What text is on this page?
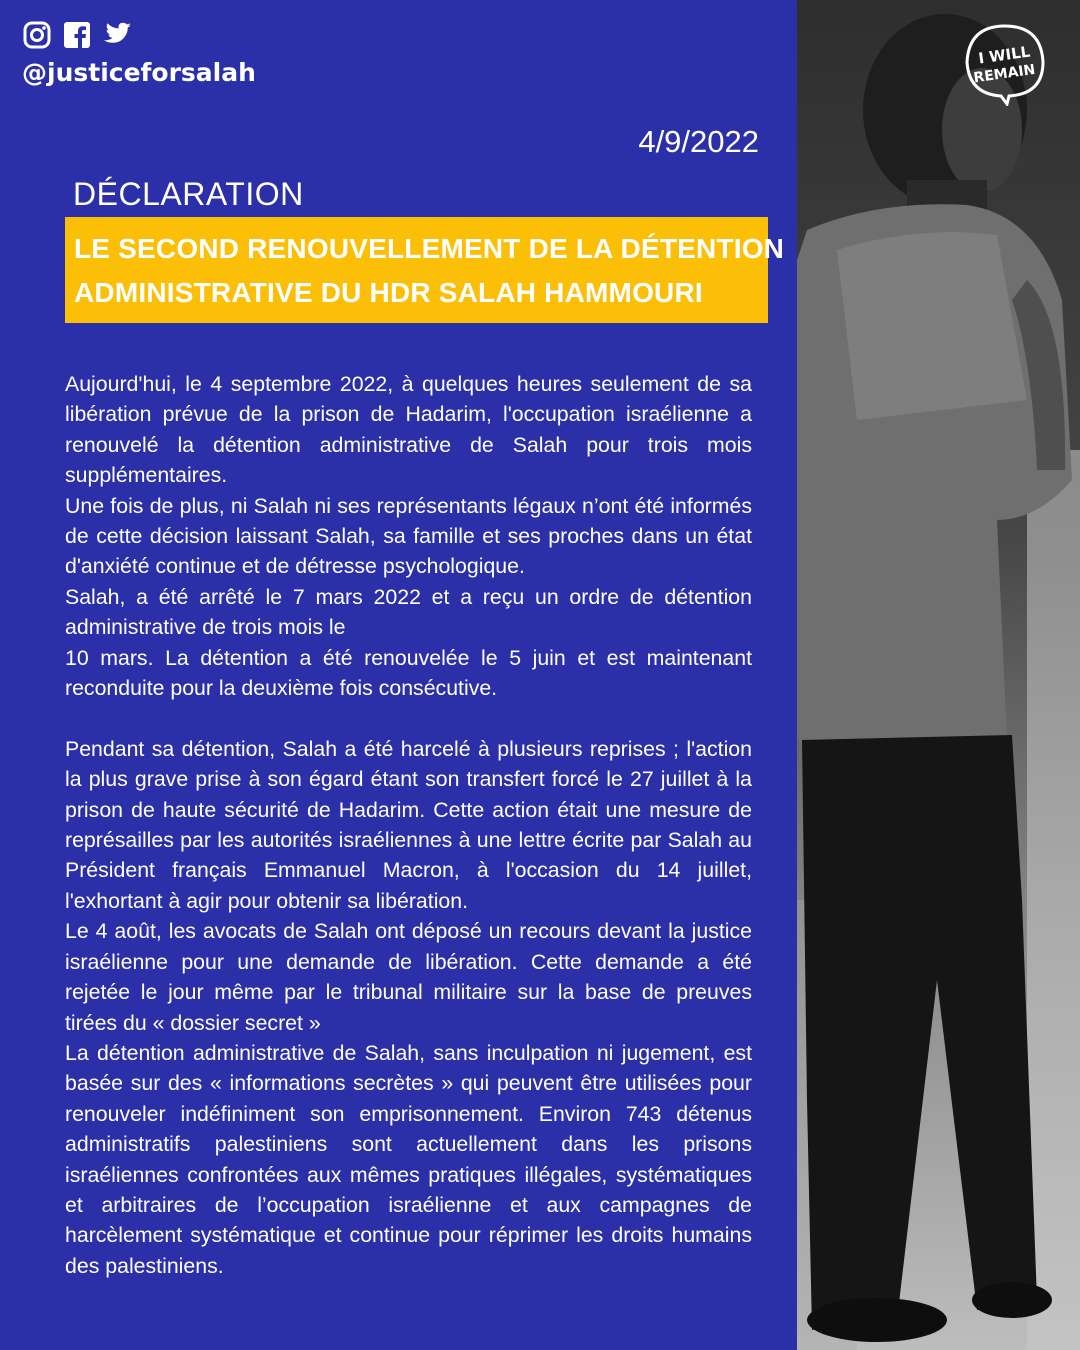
@justiceforsalah
I WILL
REMAIN
4/9/2022
DÉCLARATION
LE SECOND RENOUVELLEMENT DE LA DÉTENTION
ADMINISTRATIVE DU HDR SALAH HAMMOURI

Aujourd'hui, le 4 septembre 2022, à quelques heures seulement de sa libération prévue de la prison de Hadarim, l'occupation israélienne a renouvelé la détention administrative de Salah pour trois mois supplémentaires.

Une fois de plus, ni Salah ni ses représentants légaux n’ont été informés de cette décision laissant Salah, sa famille et ses proches dans un état d'anxiété continue et de détresse psychologique.

Salah, a été arrêté le 7 mars 2022 et a reçu un ordre de détention administrative de trois mois le

10 mars. La détention a été renouvelée le 5 juin et est maintenant reconduite pour la deuxième fois consécutive.

Pendant sa détention, Salah a été harcelé à plusieurs reprises ; l'action la plus grave prise à son égard étant son transfert forcé le 27 juillet à la prison de haute sécurité de Hadarim. Cette action était une mesure de représailles par les autorités israéliennes à une lettre écrite par Salah au Président français Emmanuel Macron, à l'occasion du 14 juillet, l'exhortant à agir pour obtenir sa libération.

Le 4 août, les avocats de Salah ont déposé un recours devant la justice israélienne pour une demande de libération. Cette demande a été rejetée le jour même par le tribunal militaire sur la base de preuves tirées du « dossier secret »

La détention administrative de Salah, sans inculpation ni jugement, est basée sur des « informations secrètes » qui peuvent être utilisées pour renouveler indéfiniment son emprisonnement. Environ 743 détenus administratifs palestiniens sont actuellement dans les prisons israéliennes confrontées aux mêmes pratiques illégales, systématiques et arbitraires de l’occupation israélienne et aux campagnes de harcèlement systématique et continue pour réprimer les droits humains des palestiniens.
